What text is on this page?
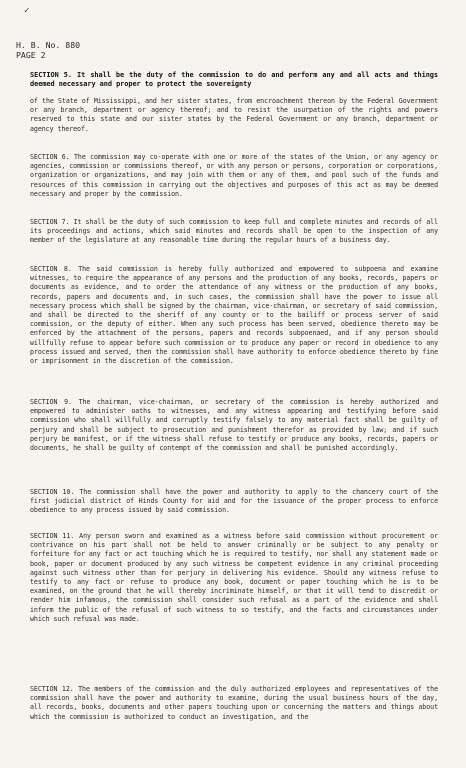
✓
H. B. No. 880
PAGE 2

SECTION 5. It shall be the duty of the commission to do and perform any and all acts and things deemed necessary and proper to protect the sovereignty

of the State of Mississippi, and her sister states, from encroachment thereon by the Federal Government or any branch, department or agency thereof; and to resist the usurpation of the rights and powers reserved to this state and our sister states by the Federal Government or any branch, department or agency thereof.

SECTION 6. The commission may co-operate with one or more of the states of the Union, or any agency or agencies, commission or commissions thereof, or with any person or persons, corporation or corporations, organization or organizations, and may join with them or any of them, and pool such of the funds and resources of this commission in carrying out the objectives and purposes of this act as may be deemed necessary and proper by the commission.

SECTION 7. It shall be the duty of such commission to keep full and complete minutes and records of all its proceedings and actions, which said minutes and records shall be open to the inspection of any member of the legislature at any reasonable time during the regular hours of a business day.

SECTION 8. The said commission is hereby fully authorized and empowered to subpoena and examine witnesses, to require the appearance of any persons and the production of any books, records, papers or documents as evidence, and to order the attendance of any witness or the production of any books, records, papers and documents and, in such cases, the commission shall have the power to issue all necessary process which shall be signed by the chairman, vice-chairman, or secretary of said commission, and shall be directed to the sheriff of any county or to the bailiff or process server of said commission, or the deputy of either. When any such process has been served, obedience thereto may be enforced by the attachment of the persons, papers and records subpoenaed, and if any person should willfully refuse to appear before such commission or to produce any paper or record in obedience to any process issued and served, then the commission shall have authority to enforce obedience thereto by fine or imprisonment in the discretion of the commission.

SECTION 9. The chairman, vice-chairman, or secretary of the commission is hereby authorized and empowered to administer oaths to witnesses, and any witness appearing and testifying before said commission who shall willfully and corruptly testify falsely to any material fact shall be guilty of perjury and shall be subject to prosecution and punishment therefor as provided by law; and if such perjury be manifest, or if the witness shall refuse to testify or produce any books, records, papers or documents, he shall be guilty of contempt of the commission and shall be punished accordingly.

SECTION 10. The commission shall have the power and authority to apply to the chancery court of the first judicial district of Hinds County for aid and for the issuance of the proper process to enforce obedience to any process issued by said commission.

SECTION 11. Any person sworn and examined as a witness before said commission without procurement or contrivance on his part shall not be held to answer criminally or be subject to any penalty or forfeiture for any fact or act touching which he is required to testify, nor shall any statement made or book, paper or document produced by any such witness be competent evidence in any criminal proceeding against such witness other than for perjury in delivering his evidence. Should any witness refuse to testify to any fact or refuse to produce any book, document or paper touching which he is to be examined, on the ground that he will thereby incriminate himself, or that it will tend to discredit or render him infamous, the commission shall consider such refusal as a part of the evidence and shall inform the public of the refusal of such witness to so testify, and the facts and circumstances under which such refusal was made.

SECTION 12. The members of the commission and the duly authorized employees and representatives of the commission shall have the power and authority to examine, during the usual business hours of the day, all records, books, documents and other papers touching upon or concerning the matters and things about which the commission is authorized to conduct an investigation, and the
